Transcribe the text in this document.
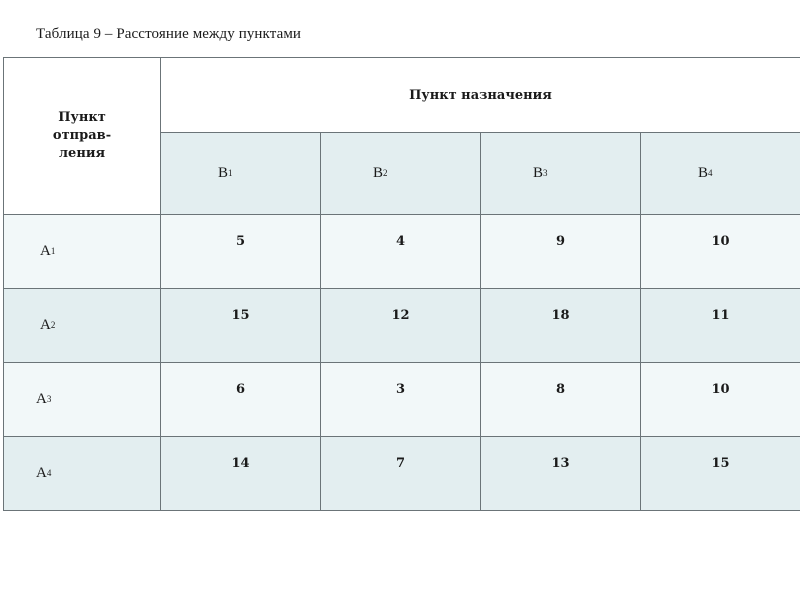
Таблица 9 – Расстояние между пунктами
Пункт
отправ-
ления	Пункт назначения			
	$B_1$	$B_2$	$B_3$	$B_4$
$A_1$	5	4	9	10
$A_2$	15	12	18	11
$A_3$	6	3	8	10
$A_4$	14	7	13	15
